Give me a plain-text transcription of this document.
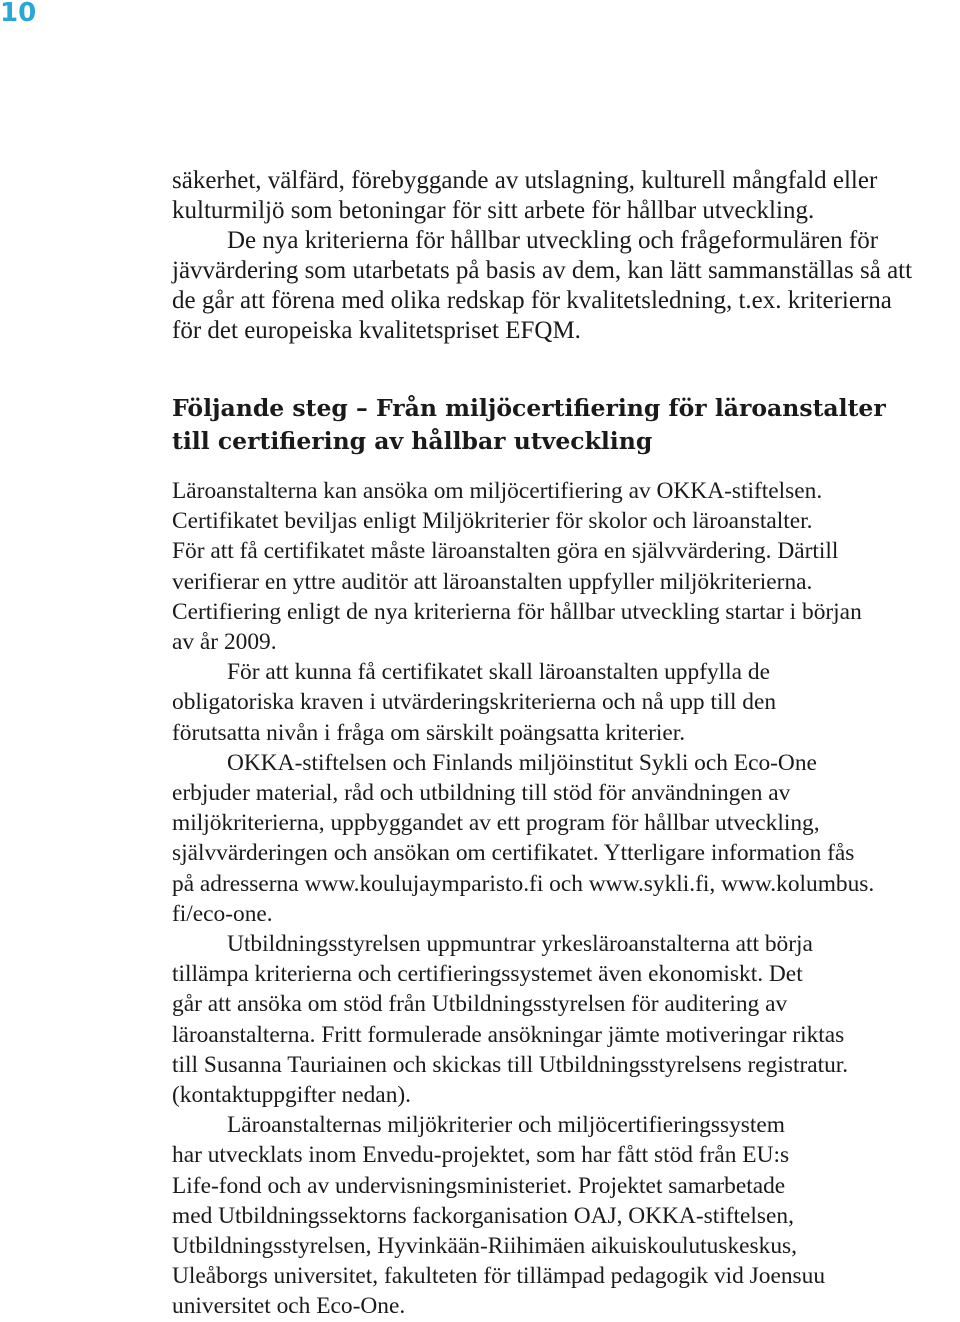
10
säkerhet, välfärd, förebyggande av utslagning, kulturell mångfald eller
kulturmiljö som betoningar för sitt arbete för hållbar utveckling.
De nya kriterierna för hållbar utveckling och frågeformulären för
jävvärdering som utarbetats på basis av dem, kan lätt sammanställas så att
de går att förena med olika redskap för kvalitetsledning, t.ex. kriterierna
för det europeiska kvalitetspriset EFQM.
Följande steg – Från miljöcertifiering för läroanstalter
till certifiering av hållbar utveckling
Läroanstalterna kan ansöka om miljöcertifiering av OKKA-stiftelsen.
Certifikatet beviljas enligt Miljökriterier för skolor och läroanstalter.
För att få certifikatet måste läroanstalten göra en självvärdering. Därtill
verifierar en yttre auditör att läroanstalten uppfyller miljökriterierna.
Certifiering enligt de nya kriterierna för hållbar utveckling startar i början
av år 2009.
För att kunna få certifikatet skall läroanstalten uppfylla de
obligatoriska kraven i utvärderingskriterierna och nå upp till den
förutsatta nivån i fråga om särskilt poängsatta kriterier.
OKKA-stiftelsen och Finlands miljöinstitut Sykli och Eco-One
erbjuder material, råd och utbildning till stöd för användningen av
miljökriterierna, uppbyggandet av ett program för hållbar utveckling,
självvärderingen och ansökan om certifikatet. Ytterligare information fås
på adresserna www.koulujaymparisto.fi och www.sykli.fi, www.kolumbus.
fi/eco-one.
Utbildningsstyrelsen uppmuntrar yrkesläroanstalterna att börja
tillämpa kriterierna och certifieringssystemet även ekonomiskt. Det
går att ansöka om stöd från Utbildningsstyrelsen för auditering av
läroanstalterna. Fritt formulerade ansökningar jämte motiveringar riktas
till Susanna Tauriainen och skickas till Utbildningsstyrelsens registratur.
(kontaktuppgifter nedan).
Läroanstalternas miljökriterier och miljöcertifieringssystem
har utvecklats inom Envedu-projektet, som har fått stöd från EU:s
Life-fond och av undervisningsministeriet. Projektet samarbetade
med Utbildningssektorns fackorganisation OAJ, OKKA-stiftelsen,
Utbildningsstyrelsen, Hyvinkään-Riihimäen aikuiskoulutuskeskus,
Uleåborgs universitet, fakulteten för tillämpad pedagogik vid Joensuu
universitet och Eco-One.
